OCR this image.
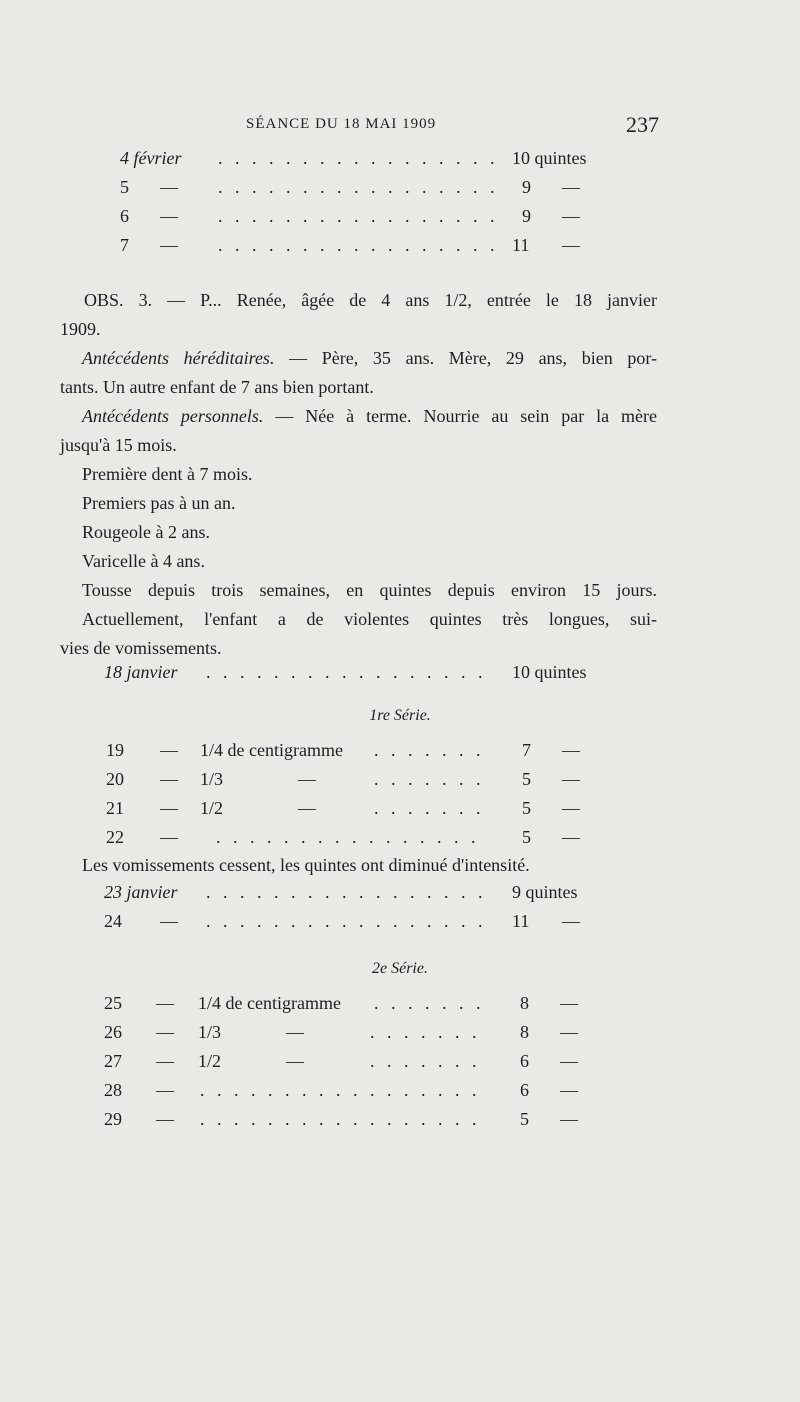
SÉANCE DU 18 MAI 1909	237
4 février . . . . . . . . . . . . . . . . . 10 quintes
5 — . . . . . . . . . . . . . . . . . 9 —
6 — . . . . . . . . . . . . . . . . . 9 —
7 — . . . . . . . . . . . . . . . . . 11 —
OBS. 3. — P... Renée, âgée de 4 ans 1/2, entrée le 18 janvier
1909.
Antécédents héréditaires. — Père, 35 ans. Mère, 29 ans, bien por-
tants. Un autre enfant de 7 ans bien portant.
Antécédents personnels. — Née à terme. Nourrie au sein par la mère
jusqu'à 15 mois.
Première dent à 7 mois.
Premiers pas à un an.
Rougeole à 2 ans.
Varicelle à 4 ans.
Tousse depuis trois semaines, en quintes depuis environ 15 jours.
Actuellement, l'enfant a de violentes quintes très longues, sui-
vies de vomissements.
18 janvier . . . . . . . . . . . . . . . . . 10 quintes
1re Série.
19 — 1/4 de centigramme . . . . . . . 7 —
20 — 1/3	—	. . . . . . . 5 —
21 — 1/2	—	. . . . . . . 5 —
22 — . . . . . . . . . . . . . . . . 5 —
Les vomissements cessent, les quintes ont diminué d'intensité.
23 janvier . . . . . . . . . . . . . . . . . 9 quintes
24 — . . . . . . . . . . . . . . . . . 11 —
2e Série.
25 — 1/4 de centigramme . . . . . . . 8 —
26 — 1/3	—	. . . . . . . 8 —
27 — 1/2	—	. . . . . . . 6 —
28 — . . . . . . . . . . . . . . . . . 6 —
29 — . . . . . . . . . . . . . . . . . 5 —
